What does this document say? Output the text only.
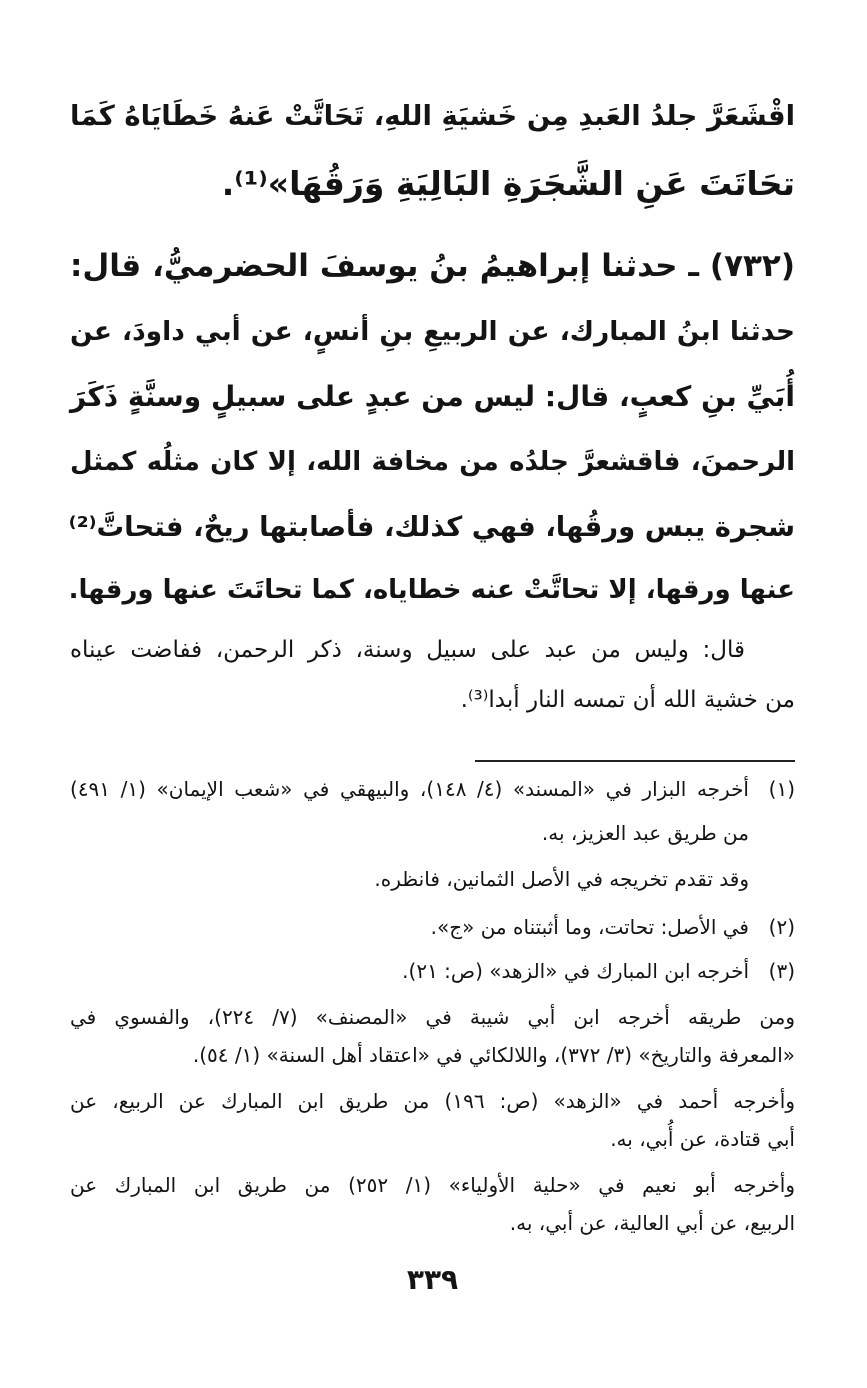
اقْشَعَرَّ جلدُ العَبدِ مِن خَشيَةِ اللهِ، تَحَاتَّتْ عَنهُ خَطَايَاهُ كَمَا
تحَاتَتَ عَنِ الشَّجَرَةِ البَالِيَةِ وَرَقُهَا»⁽¹⁾.
(٧٣٢) ـ حدثنا إبراهيمُ بنُ يوسفَ الحضرميُّ، قال:
حدثنا ابنُ المبارك، عن الربيعِ بنِ أنسٍ، عن أبي داودَ، عن
أُبَيِّ بنِ كعبٍ، قال: ليس من عبدٍ على سبيلٍ وسنَّةٍ ذَكَرَ
الرحمنَ، فاقشعرَّ جلدُه من مخافة الله، إلا كان مثلُه كمثل
شجرة يبس ورقُها، فهي كذلك، فأصابتها ريحٌ، فتحاتَّ⁽²⁾
عنها ورقها، إلا تحاتَّتْ عنه خطاياه، كما تحاتَتَ عنها ورقها.
قال: وليس من عبد على سبيل وسنة، ذكر الرحمن، ففاضت عيناه
من خشية الله أن تمسه النار أبدا⁽³⁾.
(١)
أخرجه البزار في «المسند» (٤/ ١٤٨)، والبيهقي في «شعب الإيمان» (١/ ٤٩١)
من طريق عبد العزيز، به.
وقد تقدم تخريجه في الأصل الثمانين، فانظره.
(٢)
في الأصل: تحاتت، وما أثبتناه من «ج».
(٣)
أخرجه ابن المبارك في «الزهد» (ص: ٢١).
ومن طريقه أخرجه ابن أبي شيبة في «المصنف» (٧/ ٢٢٤)، والفسوي في
«المعرفة والتاريخ» (٣/ ٣٧٢)، واللالكائي في «اعتقاد أهل السنة» (١/ ٥٤).
وأخرجه أحمد في «الزهد» (ص: ١٩٦) من طريق ابن المبارك عن الربيع، عن
أبي قتادة، عن أُبي، به.
وأخرجه أبو نعيم في «حلية الأولياء» (١/ ٢٥٢) من طريق ابن المبارك عن
الربيع، عن أبي العالية، عن أبي، به.
٣٣٩
